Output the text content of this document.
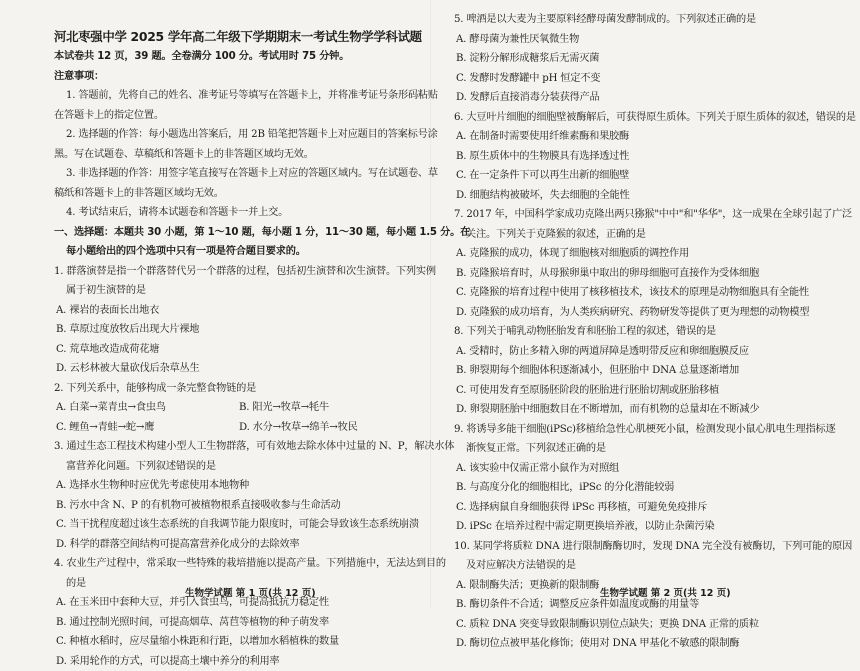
河北枣强中学 2025 学年高二年级下学期期末一考试生物学学科试题
本试卷共 12 页，39 题。全卷满分 100 分。考试用时 75 分钟。
注意事项：
1. 答题前，先将自己的姓名、准考证号等填写在答题卡上，并将准考证号条形码粘贴
在答题卡上的指定位置。
2. 选择题的作答：每小题选出答案后，用 2B 铅笔把答题卡上对应题目的答案标号涂
黑。写在试题卷、草稿纸和答题卡上的非答题区域均无效。
3. 非选择题的作答：用签字笔直接写在答题卡上对应的答题区域内。写在试题卷、草
稿纸和答题卡上的非答题区域均无效。
4. 考试结束后，请将本试题卷和答题卡一并上交。
一、选择题：本题共 30 小题，第 1～10 题，每小题 1 分，11～30 题，每小题 1.5 分。在
每小题给出的四个选项中只有一项是符合题目要求的。
1. 群落演替是指一个群落替代另一个群落的过程，包括初生演替和次生演替。下列实例
属于初生演替的是
A. 裸岩的表面长出地衣
B. 草原过度放牧后出现大片裸地
C. 荒草地改造成荷花塘
D. 云杉林被大量砍伐后杂草丛生
2. 下列关系中，能够构成一条完整食物链的是
A. 白菜→菜青虫→食虫鸟	B. 阳光→牧草→牦牛
C. 鲤鱼→青蛙→蛇→鹰	D. 水分→牧草→绵羊→牧民
3. 通过生态工程技术构建小型人工生物群落，可有效地去除水体中过量的 N、P，解决水体
富营养化问题。下列叙述错误的是
A. 选择水生物种时应优先考虑使用本地物种
B. 污水中含 N、P 的有机物可被植物根系直接吸收参与生命活动
C. 当干扰程度超过该生态系统的自我调节能力限度时，可能会导致该生态系统崩溃
D. 科学的群落空间结构可提高富营养化成分的去除效率
4. 农业生产过程中，常采取一些特殊的栽培措施以提高产量。下列措施中，无法达到目的
的是
A. 在玉米田中套种大豆，并引入食虫鸟，可提高抵抗力稳定性
B. 通过控制光照时间，可提高烟草、莴苣等植物的种子萌发率
C. 种植水稻时，应尽量缩小株距和行距，以增加水稻植株的数量
D. 采用轮作的方式，可以提高土壤中养分的利用率
生物学试题 第 1 页(共 12 页)
5. 啤酒是以大麦为主要原料经酵母菌发酵制成的。下列叙述正确的是
A. 酵母菌为兼性厌氧微生物
B. 淀粉分解形成糖浆后无需灭菌
C. 发酵时发酵罐中 pH 恒定不变
D. 发酵后直接消毒分装获得产品
6. 大豆叶片细胞的细胞壁被酶解后，可获得原生质体。下列关于原生质体的叙述，错误的是
A. 在制备时需要使用纤维素酶和果胶酶
B. 原生质体中的生物膜具有选择透过性
C. 在一定条件下可以再生出新的细胞壁
D. 细胞结构被破坏，失去细胞的全能性
7. 2017 年，中国科学家成功克隆出两只猕猴"中中"和"华华"，这一成果在全球引起了广泛
关注。下列关于克隆猴的叙述，正确的是
A. 克隆猴的成功，体现了细胞核对细胞质的调控作用
B. 克隆猴培育时，从母猴卵巢中取出的卵母细胞可直接作为受体细胞
C. 克隆猴的培育过程中使用了核移植技术，该技术的原理是动物细胞具有全能性
D. 克隆猴的成功培育，为人类疾病研究、药物研发等提供了更为理想的动物模型
8. 下列关于哺乳动物胚胎发育和胚胎工程的叙述，错误的是
A. 受精时，防止多精入卵的两道屏障是透明带反应和卵细胞膜反应
B. 卵裂期每个细胞体积逐渐减小，但胚胎中 DNA 总量逐渐增加
C. 可使用发育至原肠胚阶段的胚胎进行胚胎切割或胚胎移植
D. 卵裂期胚胎中细胞数目在不断增加，而有机物的总量却在不断减少
9. 将诱导多能干细胞(iPSc)移植给急性心肌梗死小鼠，检测发现小鼠心肌电生理指标逐
渐恢复正常。下列叙述正确的是
A. 该实验中仅需正常小鼠作为对照组
B. 与高度分化的细胞相比，iPSc 的分化潜能较弱
C. 选择病鼠自身细胞获得 iPSc 再移植，可避免免疫排斥
D. iPSc 在培养过程中需定期更换培养液，以防止杂菌污染
10. 某同学将质粒 DNA 进行限制酶酶切时，发现 DNA 完全没有被酶切，下列可能的原因
及对应解决方法错误的是
A. 限制酶失活；更换新的限制酶
B. 酶切条件不合适；调整反应条件如温度或酶的用量等
C. 质粒 DNA 突变导致限制酶识别位点缺失；更换 DNA 正常的质粒
D. 酶切位点被甲基化修饰；使用对 DNA 甲基化不敏感的限制酶
生物学试题 第 2 页(共 12 页)
